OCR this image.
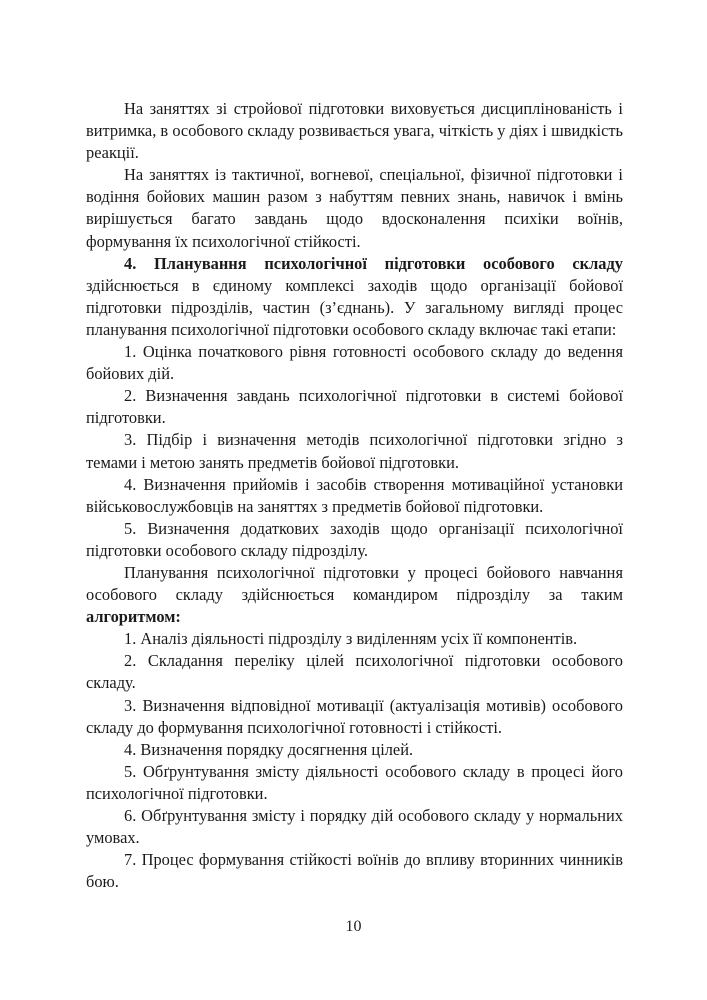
На заняттях зі стройової підготовки виховується дисциплінованість і витримка, в особового складу розвивається увага, чіткість у діях і швидкість реакції.

На заняттях із тактичної, вогневої, спеціальної, фізичної підготовки і водіння бойових машин разом з набуттям певних знань, навичок і вмінь вирішується багато завдань щодо вдосконалення психіки воїнів, формування їх психологічної стійкості.

4. Планування психологічної підготовки особового складу здійснюється в єдиному комплексі заходів щодо організації бойової підготовки підрозділів, частин (з’єднань). У загальному вигляді процес планування психологічної підготовки особового складу включає такі етапи:

1. Оцінка початкового рівня готовності особового складу до ведення бойових дій.

2. Визначення завдань психологічної підготовки в системі бойової підготовки.

3. Підбір і визначення методів психологічної підготовки згідно з темами і метою занять предметів бойової підготовки.

4. Визначення прийомів і засобів створення мотиваційної установки військовослужбовців на заняттях з предметів бойової підготовки.

5. Визначення додаткових заходів щодо організації психологічної підготовки особового складу підрозділу.

Планування психологічної підготовки у процесі бойового навчання особового складу здійснюється командиром підрозділу за таким алгоритмом:

1. Аналіз діяльності підрозділу з виділенням усіх її компонентів.

2. Складання переліку цілей психологічної підготовки особового складу.

3. Визначення відповідної мотивації (актуалізація мотивів) особового складу до формування психологічної готовності і стійкості.

4. Визначення порядку досягнення цілей.

5. Обґрунтування змісту діяльності особового складу в процесі його психологічної підготовки.

6. Обґрунтування змісту і порядку дій особового складу у нормальних умовах.

7. Процес формування стійкості воїнів до впливу вторинних чинників бою.

10
